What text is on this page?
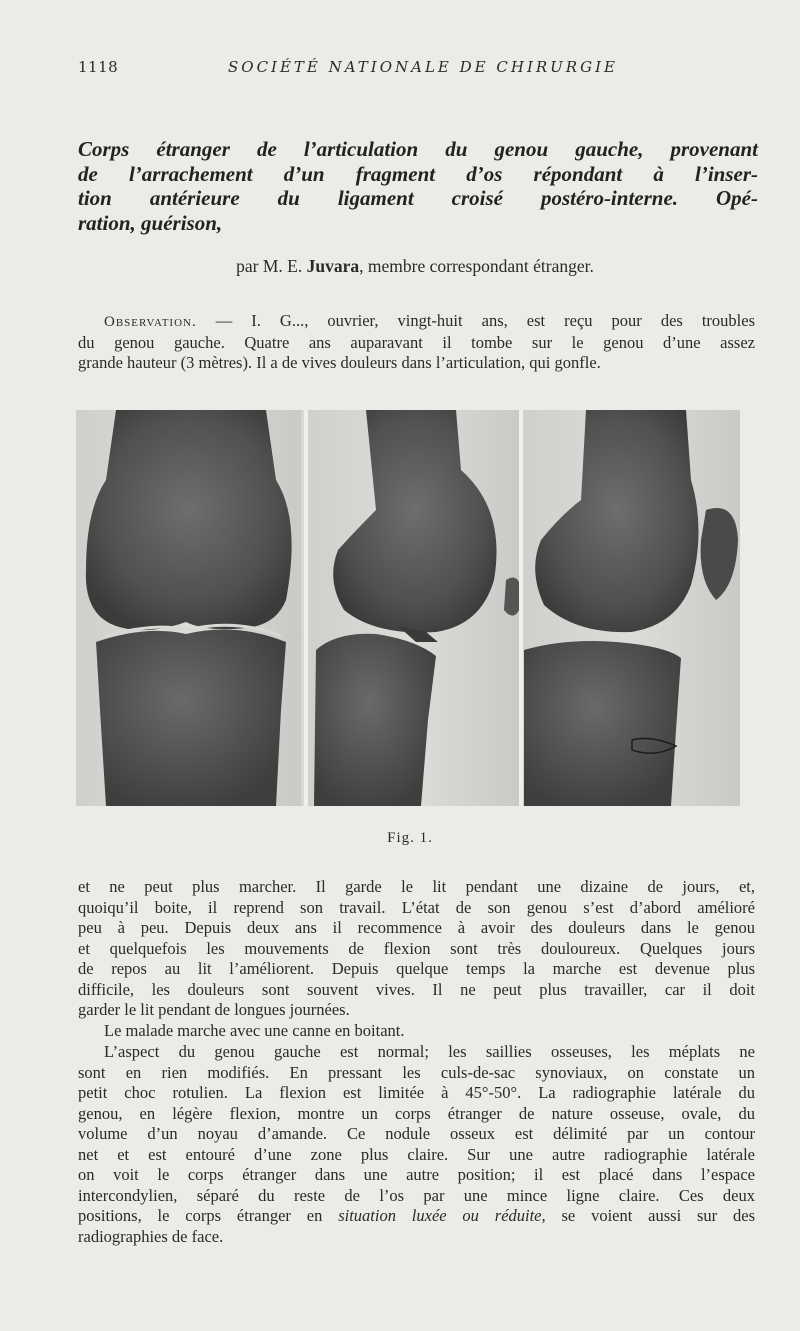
1118	SOCIÉTÉ NATIONALE DE CHIRURGIE
Corps étranger de l’articulation du genou gauche, provenant
de l’arrachement d’un fragment d’os répondant à l’inser-
tion antérieure du ligament croisé postéro-interne. Opé-
ration, guérison,
par M. E. Juvara, membre correspondant étranger.
Observation. — I. G..., ouvrier, vingt-huit ans, est reçu pour des troubles
du genou gauche. Quatre ans auparavant il tombe sur le genou d’une assez
grande hauteur (3 mètres). Il a de vives douleurs dans l’articulation, qui gonfle.
Fig. 1.
et ne peut plus marcher. Il garde le lit pendant une dizaine de jours, et,
quoiqu’il boite, il reprend son travail. L’état de son genou s’est d’abord amélioré
peu à peu. Depuis deux ans il recommence à avoir des douleurs dans le genou
et quelquefois les mouvements de flexion sont très douloureux. Quelques jours
de repos au lit l’améliorent. Depuis quelque temps la marche est devenue plus
difficile, les douleurs sont souvent vives. Il ne peut plus travailler, car il doit
garder le lit pendant de longues journées.
Le malade marche avec une canne en boitant.
L’aspect du genou gauche est normal; les saillies osseuses, les méplats ne
sont en rien modifiés. En pressant les culs-de-sac synoviaux, on constate un
petit choc rotulien. La flexion est limitée à 45°-50°. La radiographie latérale du
genou, en légère flexion, montre un corps étranger de nature osseuse, ovale, du
volume d’un noyau d’amande. Ce nodule osseux est délimité par un contour
net et est entouré d’une zone plus claire. Sur une autre radiographie latérale
on voit le corps étranger dans une autre position; il est placé dans l’espace
intercondylien, séparé du reste de l’os par une mince ligne claire. Ces deux
positions, le corps étranger en situation luxée ou réduite, se voient aussi sur des
radiographies de face.
